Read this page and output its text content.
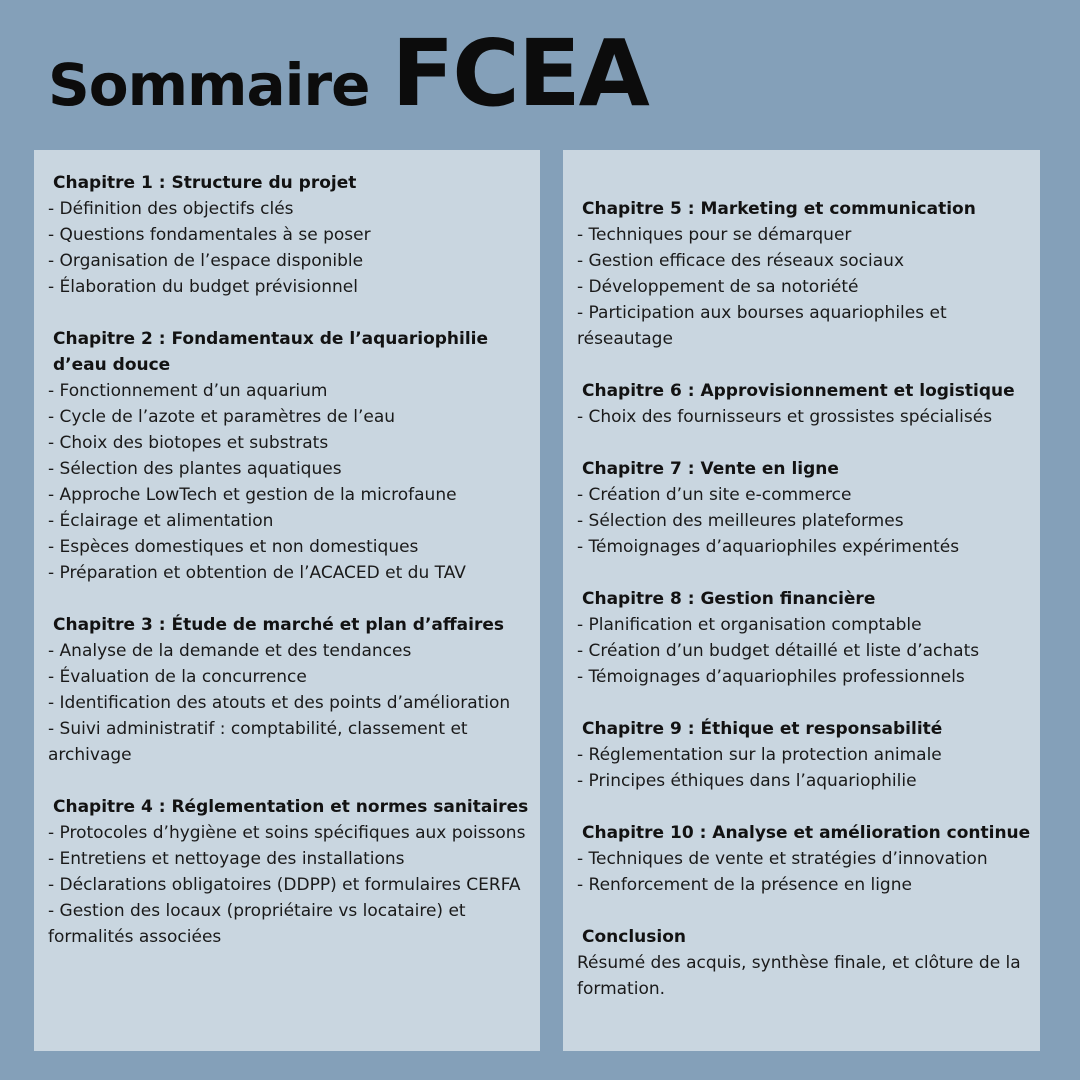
Sommaire FCEA
Chapitre 1 : Structure du projet
- Définition des objectifs clés
- Questions fondamentales à se poser
- Organisation de l’espace disponible
- Élaboration du budget prévisionnel
Chapitre 2 : Fondamentaux de l’aquariophilie d’eau douce
- Fonctionnement d’un aquarium
- Cycle de l’azote et paramètres de l’eau
- Choix des biotopes et substrats
- Sélection des plantes aquatiques
- Approche LowTech et gestion de la microfaune
- Éclairage et alimentation
- Espèces domestiques et non domestiques
- Préparation et obtention de l’ACACED et du TAV
Chapitre 3 : Étude de marché et plan d’affaires
- Analyse de la demande et des tendances
- Évaluation de la concurrence
- Identification des atouts et des points d’amélioration
- Suivi administratif : comptabilité, classement et archivage
Chapitre 4 : Réglementation et normes sanitaires
- Protocoles d’hygiène et soins spécifiques aux poissons
- Entretiens et nettoyage des installations
- Déclarations obligatoires (DDPP) et formulaires CERFA
- Gestion des locaux (propriétaire vs locataire) et formalités associées
Chapitre 5 : Marketing et communication
- Techniques pour se démarquer
- Gestion efficace des réseaux sociaux
- Développement de sa notoriété
- Participation aux bourses aquariophiles et réseautage
Chapitre 6 : Approvisionnement et logistique
- Choix des fournisseurs et grossistes spécialisés
Chapitre 7 : Vente en ligne
- Création d’un site e-commerce
- Sélection des meilleures plateformes
- Témoignages d’aquariophiles expérimentés
Chapitre 8 : Gestion financière
- Planification et organisation comptable
- Création d’un budget détaillé et liste d’achats
- Témoignages d’aquariophiles professionnels
Chapitre 9 : Éthique et responsabilité
- Réglementation sur la protection animale
- Principes éthiques dans l’aquariophilie
Chapitre 10 : Analyse et amélioration continue
- Techniques de vente et stratégies d’innovation
- Renforcement de la présence en ligne
Conclusion
Résumé des acquis, synthèse finale, et clôture de la formation.
